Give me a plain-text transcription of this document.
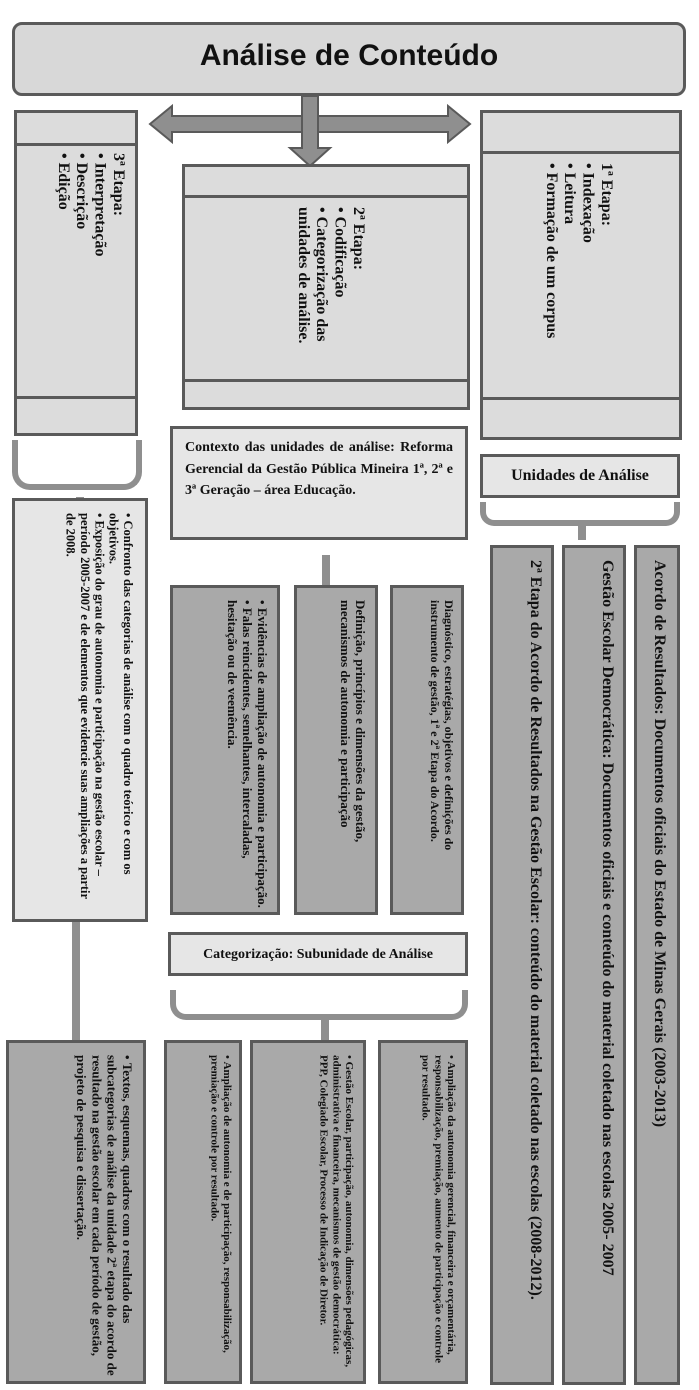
Análise de Conteúdo
3ª Etapa:
• Interpretação
• Descrição
• Edição
2ª Etapa:
• Codificação
• Categorização das unidades de análise.
1ª Etapa:
• Indexação
• Leitura
• Formação de um corpus
Contexto das unidades de análise: Reforma Gerencial da Gestão Pública Mineira 1ª, 2ª e 3ª Geração – área Educação.
Unidades de Análise
• Confronto das categorias de análise com o quadro teórico e com os objetivos.
• Exposição do grau de autonomia e participação na gestão escolar – período 2005-2007 e de elementos que evidencie suas ampliações a partir de 2008.
• Textos, esquemas, quadros com o resultado das subcategorias de análise da unidade 2ª etapa do acordo de resultado na gestão escolar em cada período de gestão, projeto de pesquisa e dissertação.
• Evidências de ampliação de autonomia e participação.
• Falas reincidentes, semelhantes, intercaladas, hesitação ou de veemência.	Definição, princípios e dimensões da gestão, mecanismos de autonomia e participação	Diagnóstico, estratégias, objetivos e definições do instrumento de gestão, 1ª e 2ª Etapa do Acordo.
Categorização: Subunidade de Análise
• Ampliação de autonomia e de participação, responsabilização, premiação e controle por resultado.	• Gestão Escolar, participação, autonomia, dimensões pedagógicas, administrativa e financeira, mecanismos de gestão democrática: PPP, Colegiado Escolar, Processo de Indicação de Diretor.	• Ampliação da autonomia gerencial, financeira e orçamentária, responsabilização, premiação, aumento de participação e controle por resultado.	2ª Etapa do Acordo de Resultados na Gestão Escolar: conteúdo do material coletado nas escolas (2008-2012).	Gestão Escolar Democrática: Documentos oficiais e conteúdo do material coletado nas escolas 2005- 2007 Acordo de Resultados: Documentos oficiais do Estado de Minas Gerais (2003-2013)
